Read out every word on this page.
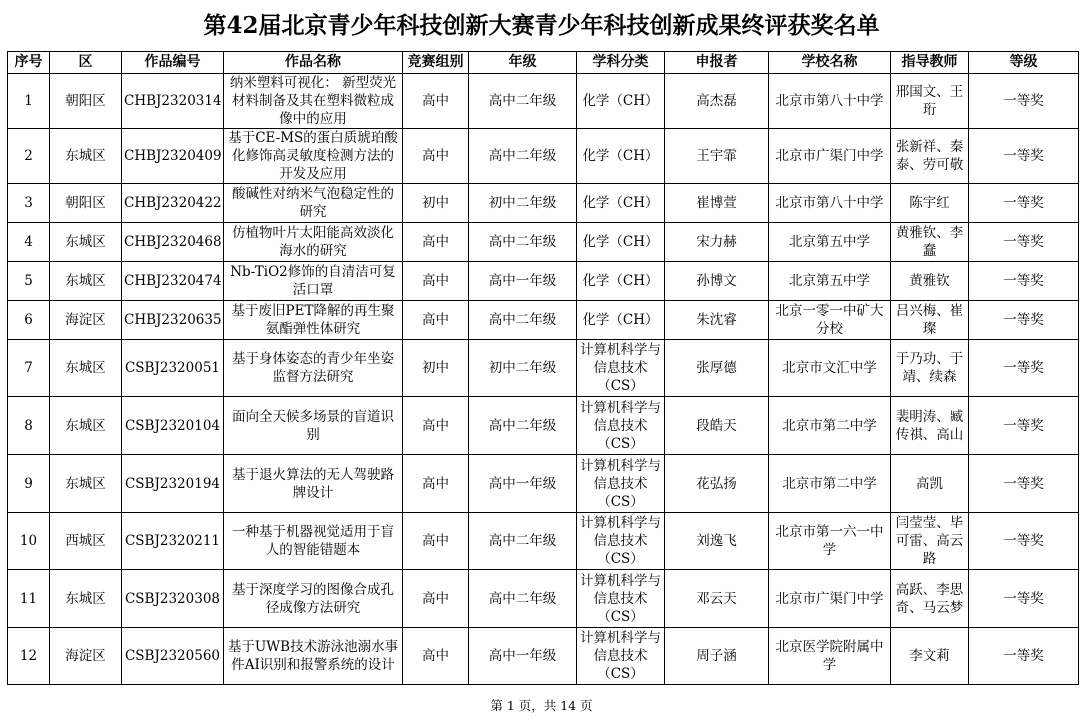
第42届北京青少年科技创新大赛青少年科技创新成果终评获奖名单
序号	区	作品编号	作品名称	竞赛组别	年级	学科分类	申报者	学校名称	指导教师	等级
1	朝阳区	CHBJ2320314	纳米塑料可视化： 新型荧光材料制备及其在塑料微粒成像中的应用	高中	高中二年级	化学（CH）	高杰磊	北京市第八十中学	邢国文、王珩	一等奖
2	东城区	CHBJ2320409	基于CE-MS的蛋白质琥珀酸化修饰高灵敏度检测方法的开发及应用	高中	高中二年级	化学（CH）	王宇霏	北京市广渠门中学	张新祥、秦泰、劳可敬	一等奖
3	朝阳区	CHBJ2320422	酸碱性对纳米气泡稳定性的研究	初中	初中二年级	化学（CH）	崔博萱	北京市第八十中学	陈宇红	一等奖
4	东城区	CHBJ2320468	仿植物叶片太阳能高效淡化海水的研究	高中	高中二年级	化学（CH）	宋力赫	北京第五中学	黄雅钦、李蠢	一等奖
5	东城区	CHBJ2320474	Nb-TiO2修饰的自清洁可复活口罩	高中	高中一年级	化学（CH）	孙博文	北京第五中学	黄雅钦	一等奖
6	海淀区	CHBJ2320635	基于废旧PET降解的再生聚氨酯弹性体研究	高中	高中二年级	化学（CH）	朱沈睿	北京一零一中矿大分校	吕兴梅、崔璨	一等奖
7	东城区	CSBJ2320051	基于身体姿态的青少年坐姿监督方法研究	初中	初中二年级	计算机科学与信息技术（CS）	张厚德	北京市文汇中学	于乃功、于靖、续森	一等奖
8	东城区	CSBJ2320104	面向全天候多场景的盲道识别	高中	高中二年级	计算机科学与信息技术（CS）	段皓天	北京市第二中学	裴明涛、臧传祺、高山	一等奖
9	东城区	CSBJ2320194	基于退火算法的无人驾驶路牌设计	高中	高中一年级	计算机科学与信息技术（CS）	花弘扬	北京市第二中学	高凯	一等奖
10	西城区	CSBJ2320211	一种基于机器视觉适用于盲人的智能错题本	高中	高中二年级	计算机科学与信息技术（CS）	刘逸飞	北京市第一六一中学	闫莹莹、毕可雷、高云路	一等奖
11	东城区	CSBJ2320308	基于深度学习的图像合成孔径成像方法研究	高中	高中二年级	计算机科学与信息技术（CS）	邓云天	北京市广渠门中学	高跃、李思奇、马云梦	一等奖
12	海淀区	CSBJ2320560	基于UWB技术游泳池溺水事件AI识别和报警系统的设计	高中	高中一年级	计算机科学与信息技术（CS）	周子涵	北京医学院附属中学	李文莉	一等奖
第 1 页，共 14 页
